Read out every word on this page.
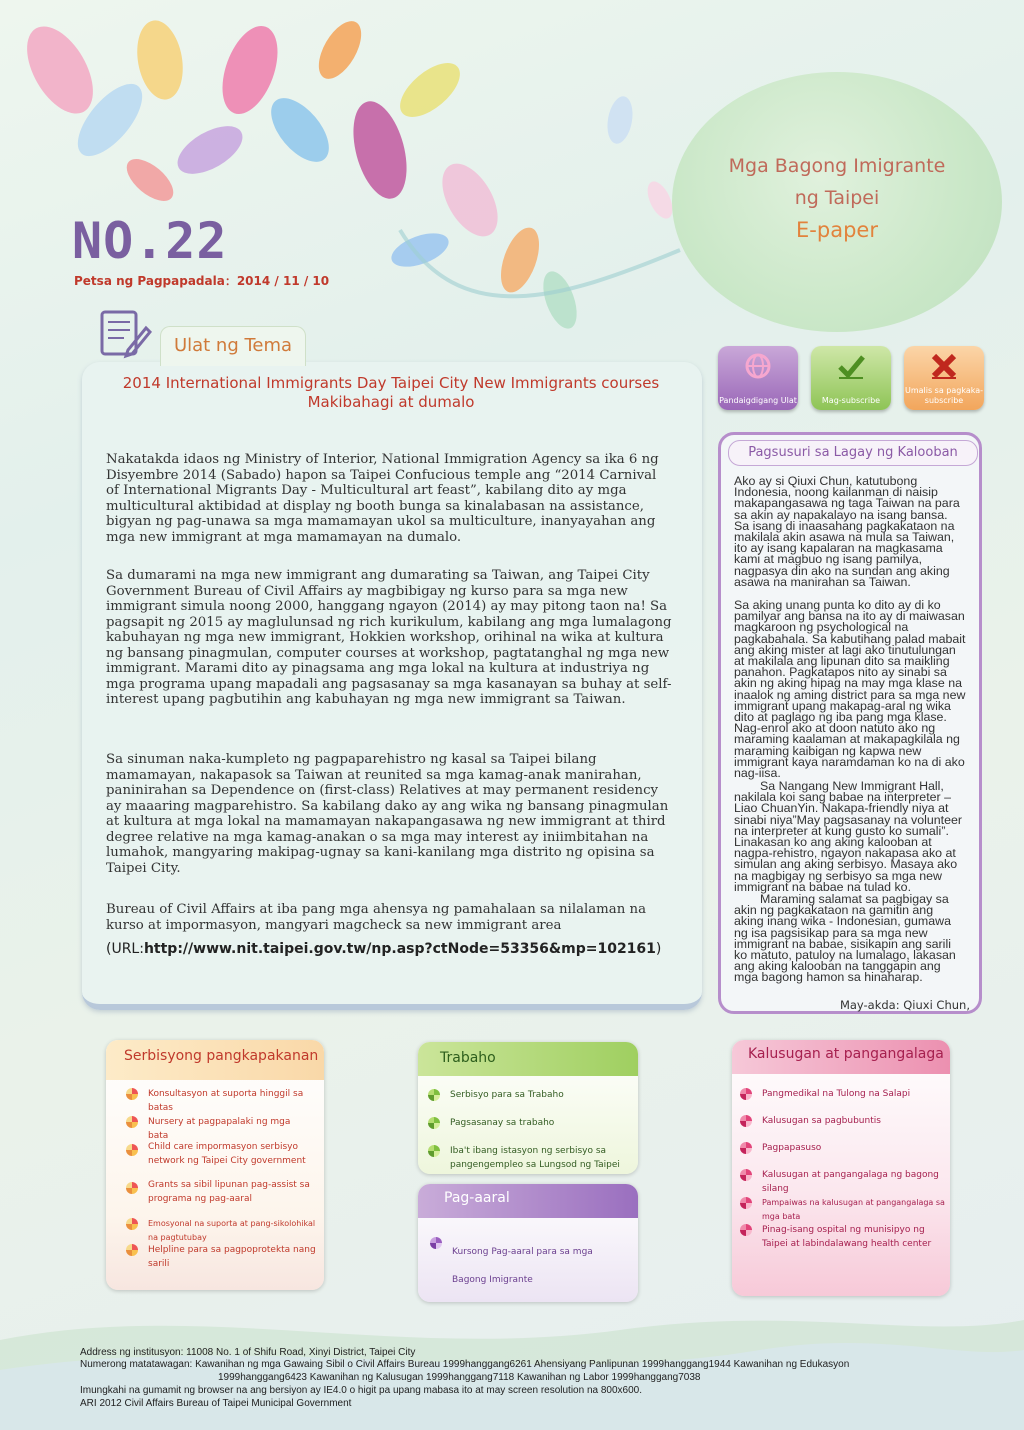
Mga Bagong Imigrante
ng Taipei
E-paper
NO.22
Petsa ng Pagpapadala：2014 / 11 / 10
Ulat ng Tema
2014 International Immigrants Day Taipei City New Immigrants courses
Makibahagi at dumalo
Nakatakda idaos ng Ministry of Interior, National Immigration Agency sa ika 6 ng Disyembre 2014 (Sabado) hapon sa Taipei Confucious temple ang “2014 Carnival of International Migrants Day - Multicultural art feast”, kabilang dito ay mga multicultural aktibidad at display ng booth bunga sa kinalabasan na assistance, bigyan ng pag-unawa sa mga mamamayan ukol sa multiculture, inanyayahan ang mga new immigrant at mga mamamayan na dumalo.
Sa dumarami na mga new immigrant ang dumarating sa Taiwan, ang Taipei City Government Bureau of Civil Affairs ay magbibigay ng kurso para sa mga new immigrant simula noong 2000, hanggang ngayon (2014) ay may pitong taon na! Sa pagsapit ng 2015 ay maglulunsad ng rich kurikulum, kabilang ang mga lumalagong kabuhayan ng mga new immigrant, Hokkien workshop, orihinal na wika at kultura ng bansang pinagmulan, computer courses at workshop, pagtatanghal ng mga new immigrant. Marami dito ay pinagsama ang mga lokal na kultura at industriya ng mga programa upang mapadali ang pagsasanay sa mga kasanayan sa buhay at self-interest upang pagbutihin ang kabuhayan ng mga new immigrant sa Taiwan.
Sa sinuman naka-kumpleto ng pagpaparehistro ng kasal sa Taipei bilang mamamayan, nakapasok sa Taiwan at reunited sa mga kamag-anak manirahan, paninirahan sa Dependence on (first-class) Relatives at may permanent residency ay maaaring magparehistro. Sa kabilang dako ay ang wika ng bansang pinagmulan at kultura at mga lokal na mamamayan nakapangasawa ng new immigrant at third degree relative na mga kamag-anakan o sa mga may interest ay iniimbitahan na lumahok, mangyaring makipag-ugnay sa kani-kanilang mga distrito ng opisina sa Taipei City.
Bureau of Civil Affairs at iba pang mga ahensya ng pamahalaan sa nilalaman na kurso at impormasyon, mangyari magcheck sa new immigrant area
(URL:http://www.nit.taipei.gov.tw/np.asp?ctNode=53356&mp=102161)
Pandaigdigang Ulat	Mag-subscribe
Umalis sa pagkaka-subscribe
Pagsusuri sa Lagay ng Kalooban
Ako ay si Qiuxi Chun, katutubong Indonesia, noong kailanman di naisip makapangasawa ng taga Taiwan na para sa akin ay napakalayo na isang bansa. Sa isang di inaasahang pagkakataon na makilala akin asawa na mula sa Taiwan, ito ay isang kapalaran na magkasama kami at magbuo ng isang pamilya, nagpasya din ako na sundan ang aking asawa na manirahan sa Taiwan.
Sa aking unang punta ko dito ay di ko pamilyar ang bansa na ito ay di maiwasan magkaroon ng psychological na pagkabahala. Sa kabutihang palad mabait ang aking mister at lagi ako tinutulungan at makilala ang lipunan dito sa maikling panahon. Pagkatapos nito ay sinabi sa akin ng aking hipag na may mga klase na inaalok ng aming district para sa mga new immigrant upang makapag-aral ng wika dito at paglago ng iba pang mga klase. Nag-enrol ako at doon natuto ako ng maraming kaalaman at makapagkilala ng maraming kaibigan ng kapwa new immigrant kaya naramdaman ko na di ako nag-iisa.
Sa Nangang New Immigrant Hall, nakilala koi sang babae na interpreter – Liao ChuanYin. Nakapa-friendly niya at sinabi niya”May pagsasanay na volunteer na interpreter at kung gusto ko sumali”. Linakasan ko ang aking kalooban at nagpa-rehistro, ngayon nakapasa ako at simulan ang aking serbisyo. Masaya ako na magbigay ng serbisyo sa mga new immigrant na babae na tulad ko.
Maraming salamat sa pagbigay sa akin ng pagkakataon na gamitin ang aking inang wika - Indonesian, gumawa ng isa pagsisikap para sa mga new immigrant na babae, sisikapin ang sarili ko matuto, patuloy na lumalago, lakasan ang aking kalooban na tanggapin ang mga bagong hamon sa hinaharap.
May-akda: Qiuxi Chun,
Serbisyong pangkapakanan
Konsultasyon at suporta hinggil sa batas
Nursery at pagpapalaki ng mga bata
Child care impormasyon serbisyo network ng Taipei City government
Grants sa sibil lipunan pag-assist sa programa ng pag-aaral
Emosyonal na suporta at pang-sikolohikal na pagtutubay
Helpline para sa pagpoprotekta nang sarili
Trabaho
Serbisyo para sa Trabaho
Pagsasanay sa trabaho
Iba't ibang istasyon ng serbisyo sa pangengempleo sa Lungsod ng Taipei
Pag-aaral
Kursong Pag-aaral para sa mga Bagong Imigrante
Kalusugan at pangangalaga
Pangmedikal na Tulong na Salapi
Kalusugan sa pagbubuntis
Pagpapasuso
Kalusugan at pangangalaga ng bagong silang
Pampaiwas na kalusugan at pangangalaga sa mga bata
Pinag-isang ospital ng munisipyo ng Taipei at labindalawang health center
Address ng institusyon: 11008 No. 1 of Shifu Road, Xinyi District, Taipei City
Numerong matatawagan: Kawanihan ng mga Gawaing Sibil o Civil Affairs Bureau 1999hanggang6261 Ahensiyang Panlipunan 1999hanggang1944 Kawanihan ng Edukasyon
1999hanggang6423 Kawanihan ng Kalusugan 1999hanggang7118 Kawanihan ng Labor 1999hanggang7038
Imungkahi na gumamit ng browser na ang bersiyon ay IE4.0 o higit pa upang mabasa ito at may screen resolution na 800x600.
ARI 2012 Civil Affairs Bureau of Taipei Municipal Government
